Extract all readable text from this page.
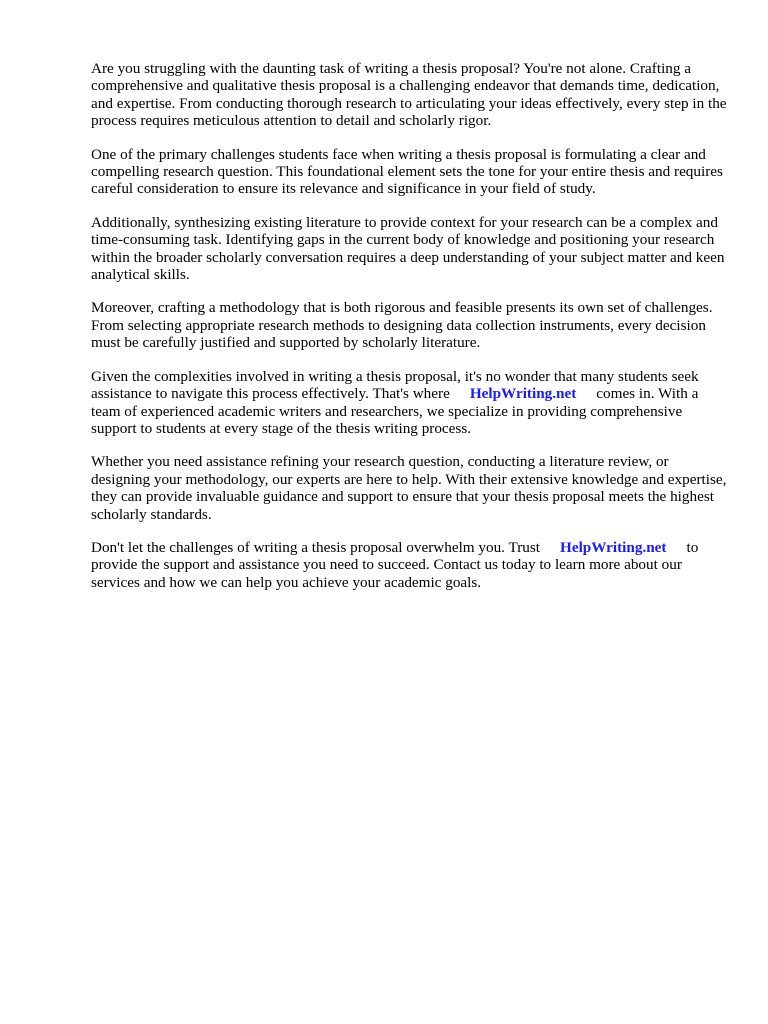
Are you struggling with the daunting task of writing a thesis proposal? You're not alone. Crafting a comprehensive and qualitative thesis proposal is a challenging endeavor that demands time, dedication, and expertise. From conducting thorough research to articulating your ideas effectively, every step in the process requires meticulous attention to detail and scholarly rigor.

One of the primary challenges students face when writing a thesis proposal is formulating a clear and compelling research question. This foundational element sets the tone for your entire thesis and requires careful consideration to ensure its relevance and significance in your field of study.

Additionally, synthesizing existing literature to provide context for your research can be a complex and time-consuming task. Identifying gaps in the current body of knowledge and positioning your research within the broader scholarly conversation requires a deep understanding of your subject matter and keen analytical skills.

Moreover, crafting a methodology that is both rigorous and feasible presents its own set of challenges. From selecting appropriate research methods to designing data collection instruments, every decision must be carefully justified and supported by scholarly literature.

Given the complexities involved in writing a thesis proposal, it's no wonder that many students seek assistance to navigate this process effectively. That's where HelpWriting.net comes in. With a team of experienced academic writers and researchers, we specialize in providing comprehensive support to students at every stage of the thesis writing process.

Whether you need assistance refining your research question, conducting a literature review, or designing your methodology, our experts are here to help. With their extensive knowledge and expertise, they can provide invaluable guidance and support to ensure that your thesis proposal meets the highest scholarly standards.

Don't let the challenges of writing a thesis proposal overwhelm you. Trust HelpWriting.net to provide the support and assistance you need to succeed. Contact us today to learn more about our services and how we can help you achieve your academic goals.
